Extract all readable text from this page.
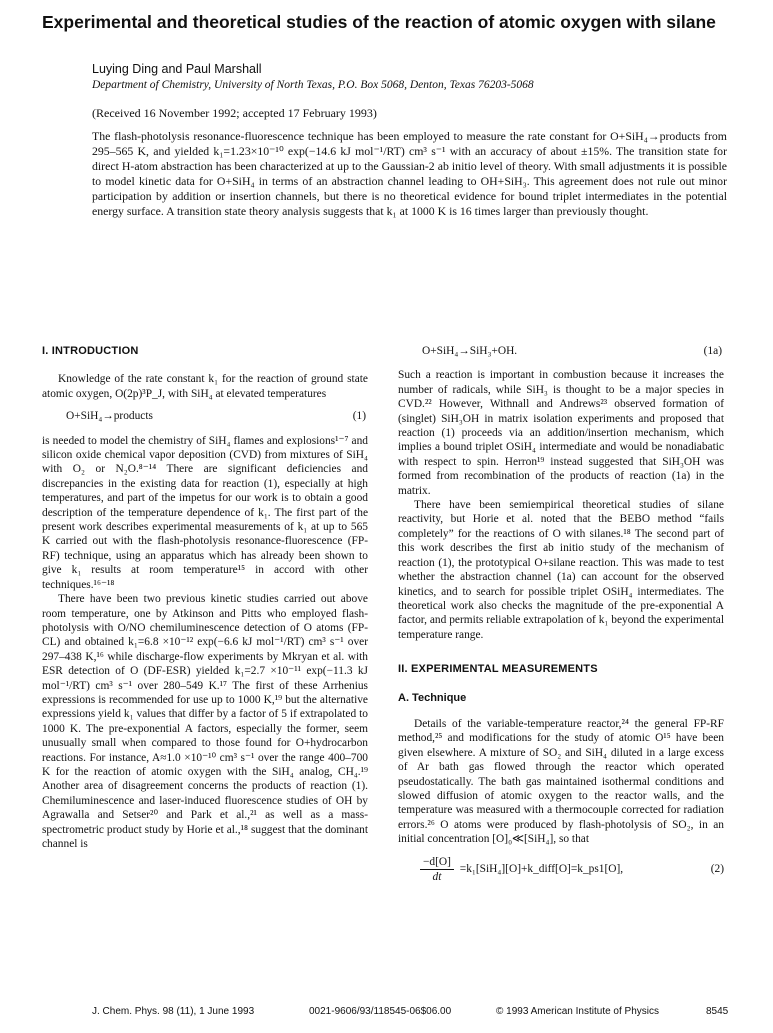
Experimental and theoretical studies of the reaction of atomic oxygen with silane
Luying Ding and Paul Marshall
Department of Chemistry, University of North Texas, P.O. Box 5068, Denton, Texas 76203-5068
(Received 16 November 1992; accepted 17 February 1993)

The flash-photolysis resonance-fluorescence technique has been employed to measure the rate constant for O+SiH₄→products from 295–565 K, and yielded k₁=1.23×10⁻¹⁰ exp(−14.6 kJ mol⁻¹/RT) cm³ s⁻¹ with an accuracy of about ±15%. The transition state for direct H-atom abstraction has been characterized at up to the Gaussian-2 ab initio level of theory. With small adjustments it is possible to model kinetic data for O+SiH₄ in terms of an abstraction channel leading to OH+SiH₃. This agreement does not rule out minor participation by addition or insertion channels, but there is no theoretical evidence for bound triplet intermediates in the potential energy surface. A transition state theory analysis suggests that k₁ at 1000 K is 16 times larger than previously thought.

I. INTRODUCTION

Knowledge of the rate constant k₁ for the reaction of ground state atomic oxygen, O(2p)³P_J, with SiH₄ at elevated temperatures

O+SiH₄→products	(1)

is needed to model the chemistry of SiH₄ flames and explosions¹⁻⁷ and silicon oxide chemical vapor deposition (CVD) from mixtures of SiH₄ with O₂ or N₂O.⁸⁻¹⁴ There are significant deficiencies and discrepancies in the existing data for reaction (1), especially at high temperatures, and part of the impetus for our work is to obtain a good description of the temperature dependence of k₁. The first part of the present work describes experimental measurements of k₁ at up to 565 K carried out with the flash-photolysis resonance-fluorescence (FP-RF) technique, using an apparatus which has already been shown to give k₁ results at room temperature¹⁵ in accord with other techniques.¹⁶⁻¹⁸

There have been two previous kinetic studies carried out above room temperature, one by Atkinson and Pitts who employed flash-photolysis with O/NO chemiluminescence detection of O atoms (FP-CL) and obtained k₁=6.8 ×10⁻¹² exp(−6.6 kJ mol⁻¹/RT) cm³ s⁻¹ over 297–438 K,¹⁶ while discharge-flow experiments by Mkryan et al. with ESR detection of O (DF-ESR) yielded k₁=2.7 ×10⁻¹¹ exp(−11.3 kJ mol⁻¹/RT) cm³ s⁻¹ over 280–549 K.¹⁷ The first of these Arrhenius expressions is recommended for use up to 1000 K,¹⁹ but the alternative expressions yield k₁ values that differ by a factor of 5 if extrapolated to 1000 K. The pre-exponential A factors, especially the former, seem unusually small when compared to those found for O+hydrocarbon reactions. For instance, A≈1.0 ×10⁻¹⁰ cm³ s⁻¹ over the range 400–700 K for the reaction of atomic oxygen with the SiH₄ analog, CH₄.¹⁹ Another area of disagreement concerns the products of reaction (1). Chemiluminescence and laser-induced fluorescence studies of OH by Agrawalla and Setser²⁰ and Park et al.,²¹ as well as a mass-spectrometric product study by Horie et al.,¹⁸ suggest that the dominant channel is

O+SiH₄→SiH₃+OH.	(1a)

Such a reaction is important in combustion because it increases the number of radicals, while SiH₃ is thought to be a major species in CVD.²² However, Withnall and Andrews²³ observed formation of (singlet) SiH₃OH in matrix isolation experiments and proposed that reaction (1) proceeds via an addition/insertion mechanism, which implies a bound triplet OSiH₄ intermediate and would be nonadiabatic with respect to spin. Herron¹⁹ instead suggested that SiH₃OH was formed from recombination of the products of reaction (1a) in the matrix.

There have been semiempirical theoretical studies of silane reactivity, but Horie et al. noted that the BEBO method “fails completely” for the reactions of O with silanes.¹⁸ The second part of this work describes the first ab initio study of the mechanism of reaction (1), the prototypical O+silane reaction. This was made to test whether the abstraction channel (1a) can account for the observed kinetics, and to search for possible triplet OSiH₄ intermediates. The theoretical work also checks the magnitude of the pre-exponential A factor, and permits reliable extrapolation of k₁ beyond the experimental temperature range.

II. EXPERIMENTAL MEASUREMENTS
A. Technique

Details of the variable-temperature reactor,²⁴ the general FP-RF method,²⁵ and modifications for the study of atomic O¹⁵ have been given elsewhere. A mixture of SO₂ and SiH₄ diluted in a large excess of Ar bath gas flowed through the reactor which operated pseudostatically. The bath gas maintained isothermal conditions and slowed diffusion of atomic oxygen to the reactor walls, and the temperature was measured with a thermocouple corrected for radiation errors.²⁶ O atoms were produced by flash-photolysis of SO₂, in an initial concentration [O]₀≪[SiH₄], so that

$\frac{-d[O]}{dt}$ =k₁[SiH₄][O]+k_diff[O]=k_ps1[O],	(2)
J. Chem. Phys. 98 (11), 1 June 1993	0021-9606/93/118545-06$06.00	© 1993 American Institute of Physics	8545
